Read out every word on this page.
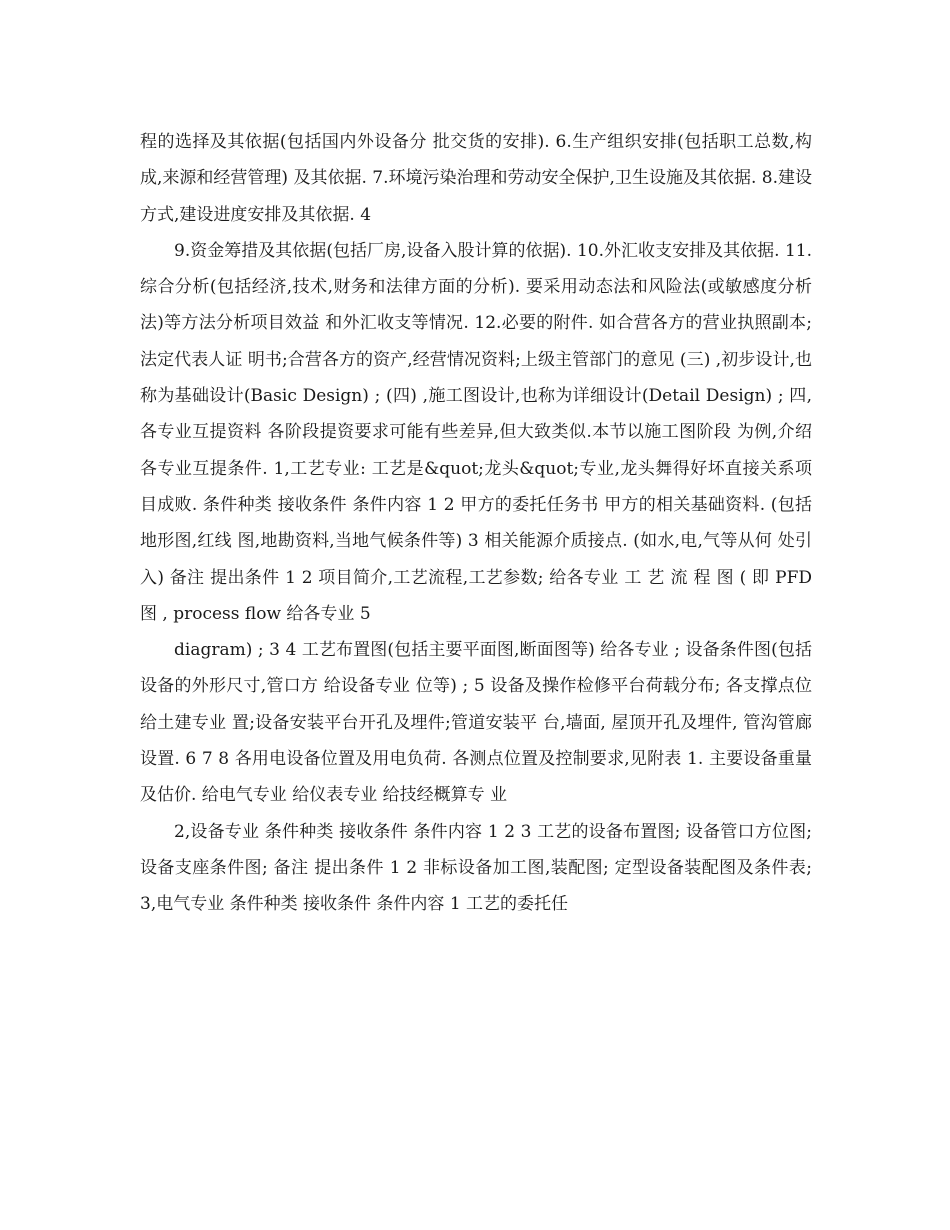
程的选择及其依据(包括国内外设备分 批交货的安排). 6.生产组织安排(包括职工总数,构成,来源和经营管理) 及其依据. 7.环境污染治理和劳动安全保护,卫生设施及其依据. 8.建设方式,建设进度安排及其依据. 4

9.资金筹措及其依据(包括厂房,设备入股计算的依据). 10.外汇收支安排及其依据. 11.综合分析(包括经济,技术,财务和法律方面的分析). 要采用动态法和风险法(或敏感度分析法)等方法分析项目效益 和外汇收支等情况. 12.必要的附件. 如合营各方的营业执照副本;法定代表人证 明书;合营各方的资产,经营情况资料;上级主管部门的意见 (三) ,初步设计,也称为基础设计(Basic Design) ; (四) ,施工图设计,也称为详细设计(Detail Design) ; 四,各专业互提资料 各阶段提资要求可能有些差异,但大致类似.本节以施工图阶段 为例,介绍各专业互提条件. 1,工艺专业: 工艺是&quot;龙头&quot;专业,龙头舞得好坏直接关系项目成败. 条件种类 接收条件 条件内容 1 2 甲方的委托任务书 甲方的相关基础资料. (包括地形图,红线 图,地勘资料,当地气候条件等) 3 相关能源介质接点. (如水,电,气等从何 处引入) 备注 提出条件 1 2 项目简介,工艺流程,工艺参数; 给各专业 工 艺 流 程 图 ( 即 PFD 图 , process flow 给各专业 5

diagram) ; 3 4 工艺布置图(包括主要平面图,断面图等) 给各专业 ; 设备条件图(包括设备的外形尺寸,管口方 给设备专业 位等) ; 5 设备及操作检修平台荷载分布; 各支撑点位 给土建专业 置;设备安装平台开孔及埋件;管道安装平 台,墙面, 屋顶开孔及埋件, 管沟管廊设置. 6 7 8 各用电设备位置及用电负荷. 各测点位置及控制要求,见附表 1. 主要设备重量及估价. 给电气专业 给仪表专业 给技经概算专 业

2,设备专业 条件种类 接收条件 条件内容 1 2 3 工艺的设备布置图; 设备管口方位图; 设备支座条件图; 备注 提出条件 1 2 非标设备加工图,装配图; 定型设备装配图及条件表; 3,电气专业 条件种类 接收条件 条件内容 1 工艺的委托任
